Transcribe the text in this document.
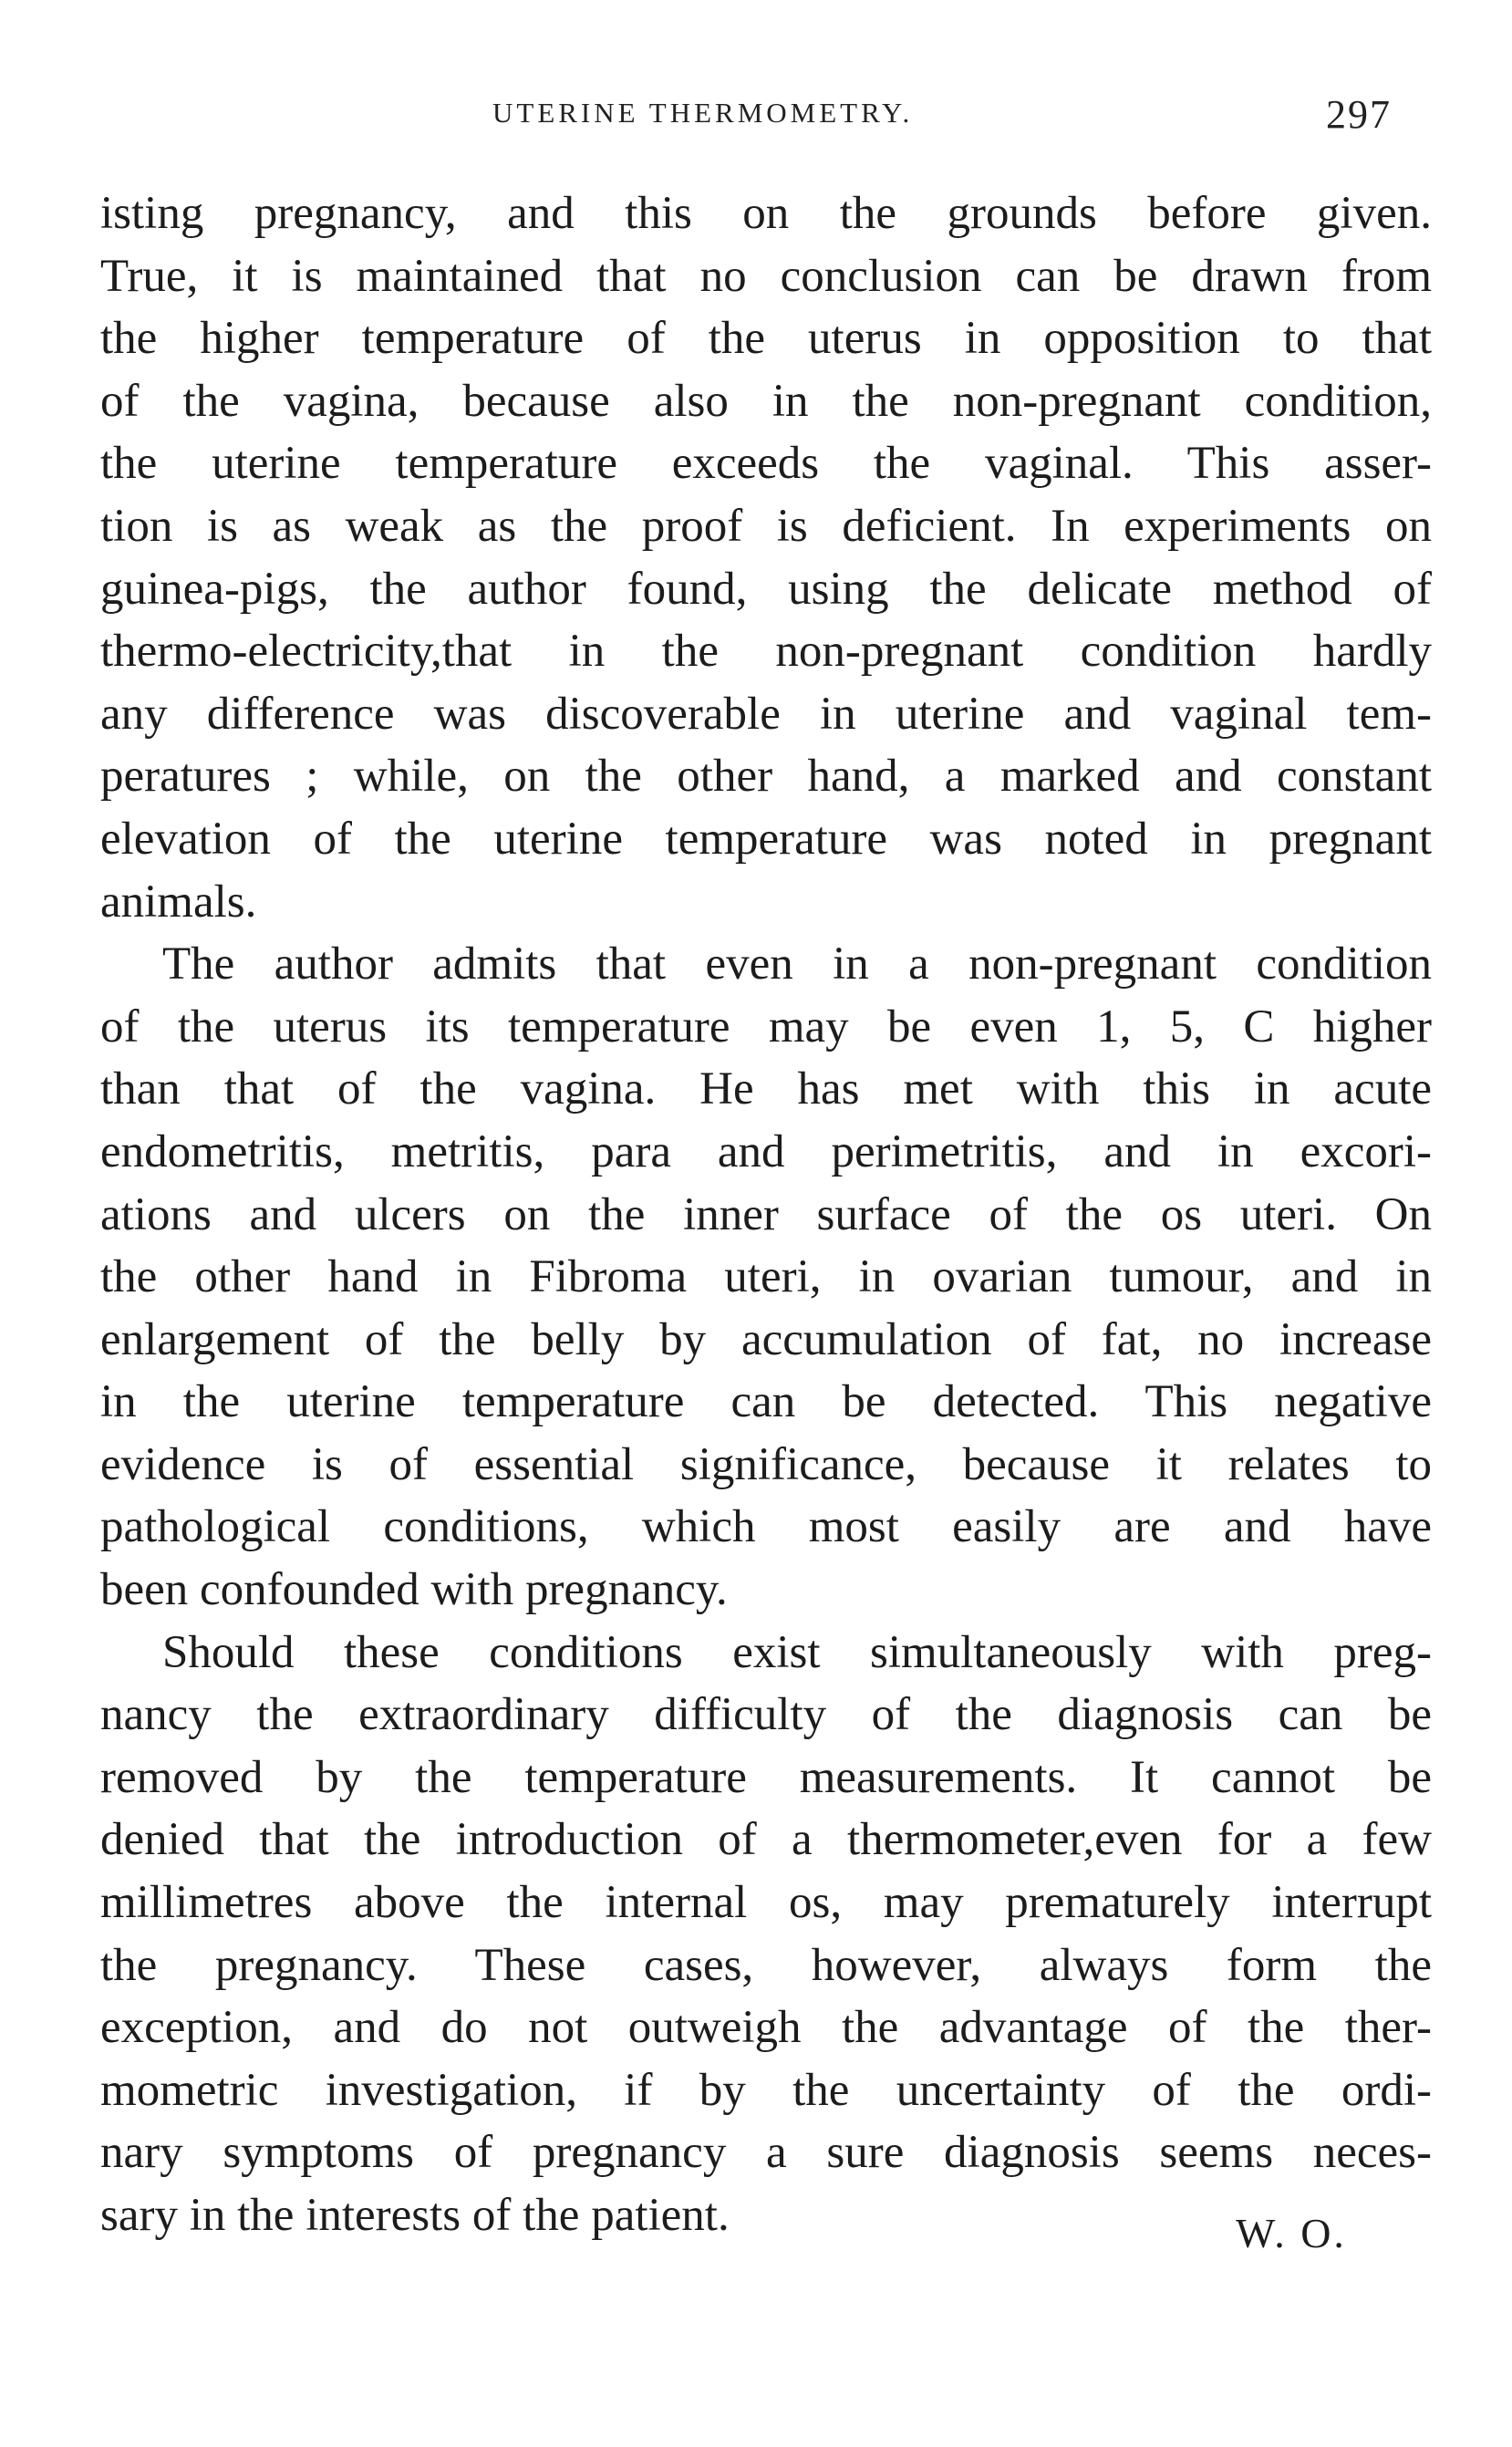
UTERINE THERMOMETRY.	297
isting pregnancy, and this on the grounds before given.
True, it is maintained that no conclusion can be drawn from
the higher temperature of the uterus in opposition to that
of the vagina, because also in the non-pregnant condition,
the uterine temperature exceeds the vaginal. This asser-
tion is as weak as the proof is deficient. In experiments on
guinea-pigs, the author found, using the delicate method of
thermo-electricity,that in the non-pregnant condition hardly
any difference was discoverable in uterine and vaginal tem-
peratures ; while, on the other hand, a marked and constant
elevation of the uterine temperature was noted in pregnant
animals.
The author admits that even in a non-pregnant condition
of the uterus its temperature may be even 1, 5, C higher
than that of the vagina. He has met with this in acute
endometritis, metritis, para and perimetritis, and in excori-
ations and ulcers on the inner surface of the os uteri. On
the other hand in Fibroma uteri, in ovarian tumour, and in
enlargement of the belly by accumulation of fat, no increase
in the uterine temperature can be detected. This negative
evidence is of essential significance, because it relates to
pathological conditions, which most easily are and have
been confounded with pregnancy.
Should these conditions exist simultaneously with preg-
nancy the extraordinary difficulty of the diagnosis can be
removed by the temperature measurements. It cannot be
denied that the introduction of a thermometer,even for a few
millimetres above the internal os, may prematurely interrupt
the pregnancy. These cases, however, always form the
exception, and do not outweigh the advantage of the ther-
mometric investigation, if by the uncertainty of the ordi-
nary symptoms of pregnancy a sure diagnosis seems neces-
sary in the interests of the patient.	W. O.
